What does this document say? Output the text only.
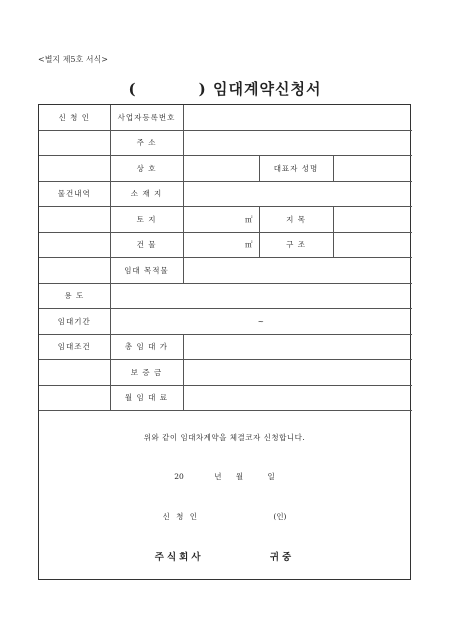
<별지 제5호 서식>
(	) 임대계약신청서
신 청 인	사업자등록번호			
	주 소			
	상 호		대표자 성명	
물건내역	소 재 지			
	토 지	㎡	지 목	
	건 물	㎡	구 조	
	임대 목적물			
용 도				
임대기간	~			
임대조건	총 임 대 가			
	보 증 금			
	월 임 대 료			
위와 같이 임대차계약을 체결코자 신청합니다.
20	년 월	일
신 청 인	(인)
주식회사	귀중
